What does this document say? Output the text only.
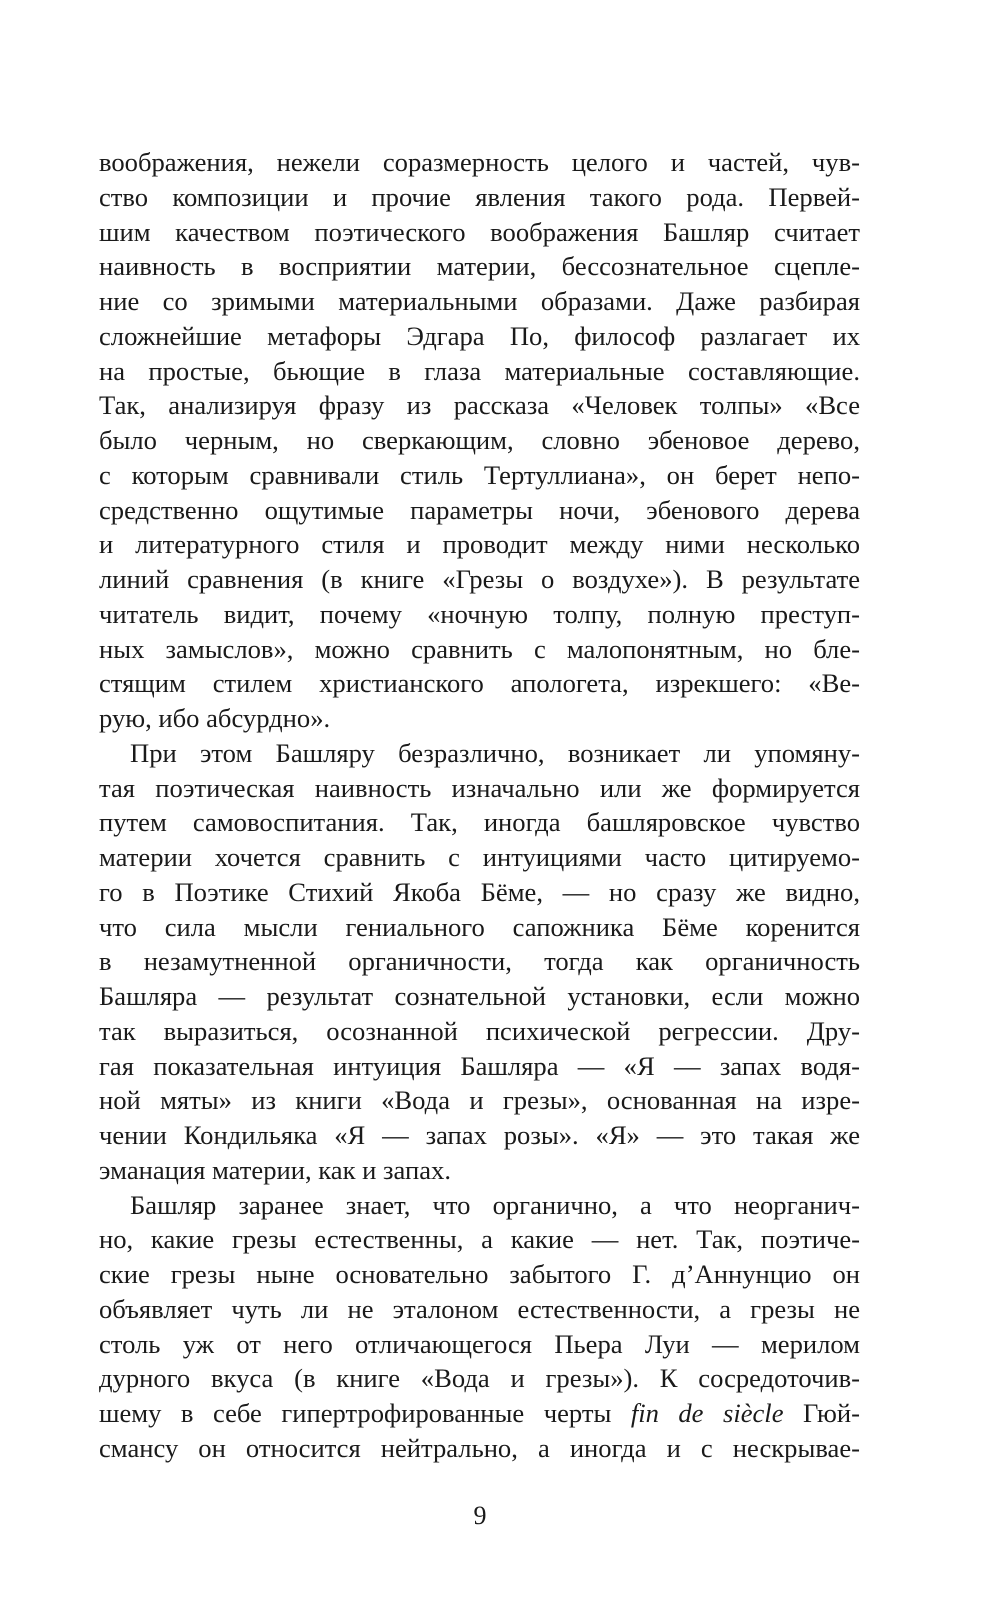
воображения, нежели соразмерность целого и частей, чув-
ство композиции и прочие явления такого рода. Первей-
шим качеством поэтического воображения Башляр считает
наивность в восприятии материи, бессознательное сцепле-
ние со зримыми материальными образами. Даже разбирая
сложнейшие метафоры Эдгара По, философ разлагает их
на простые, бьющие в глаза материальные составляющие.
Так, анализируя фразу из рассказа «Человек толпы» «Все
было черным, но сверкающим, словно эбеновое дерево,
с которым сравнивали стиль Тертуллиана», он берет непо-
средственно ощутимые параметры ночи, эбенового дерева
и литературного стиля и проводит между ними несколько
линий сравнения (в книге «Грезы о воздухе»). В результате
читатель видит, почему «ночную толпу, полную преступ-
ных замыслов», можно сравнить с малопонятным, но бле-
стящим стилем христианского апологета, изрекшего: «Ве-
рую, ибо абсурдно».
При этом Башляру безразлично, возникает ли упомяну-
тая поэтическая наивность изначально или же формируется
путем самовоспитания. Так, иногда башляровское чувство
материи хочется сравнить с интуициями часто цитируемо-
го в Поэтике Стихий Якоба Бёме, — но сразу же видно,
что сила мысли гениального сапожника Бёме коренится
в незамутненной органичности, тогда как органичность
Башляра — результат сознательной установки, если можно
так выразиться, осознанной психической регрессии. Дру-
гая показательная интуиция Башляра — «Я — запах водя-
ной мяты» из книги «Вода и грезы», основанная на изре-
чении Кондильяка «Я — запах розы». «Я» — это такая же
эманация материи, как и запах.
Башляр заранее знает, что органично, а что неорганич-
но, какие грезы естественны, а какие — нет. Так, поэтиче-
ские грезы ныне основательно забытого Г. д’Аннунцио он
объявляет чуть ли не эталоном естественности, а грезы не
столь уж от него отличающегося Пьера Луи — мерилом
дурного вкуса (в книге «Вода и грезы»). К сосредоточив-
шему в себе гипертрофированные черты fin de siècle Гюй-
смансу он относится нейтрально, а иногда и с нескрывае-
9
